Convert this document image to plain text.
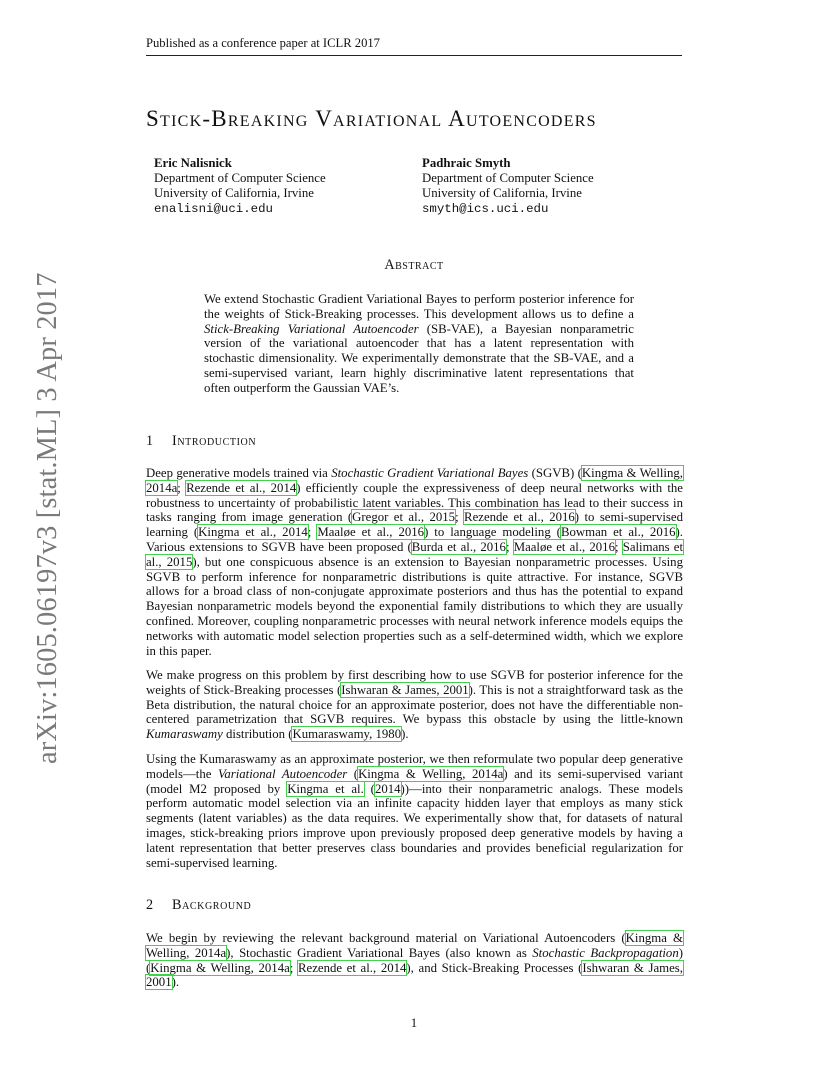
Published as a conference paper at ICLR 2017
arXiv:1605.06197v3 [stat.ML] 3 Apr 2017
Stick-Breaking Variational Autoencoders
Eric Nalisnick
Department of Computer Science
University of California, Irvine
enalisni@uci.edu
Padhraic Smyth
Department of Computer Science
University of California, Irvine
smyth@ics.uci.edu
Abstract
We extend Stochastic Gradient Variational Bayes to perform posterior inference for the weights of Stick-Breaking processes. This development allows us to define a Stick-Breaking Variational Autoencoder (SB-VAE), a Bayesian nonparametric version of the variational autoencoder that has a latent representation with stochastic dimensionality. We experimentally demonstrate that the SB-VAE, and a semi-supervised variant, learn highly discriminative latent representations that often outperform the Gaussian VAE’s.
1 Introduction

Deep generative models trained via Stochastic Gradient Variational Bayes (SGVB) (Kingma & Welling, 2014a; Rezende et al., 2014) efficiently couple the expressiveness of deep neural networks with the robustness to uncertainty of probabilistic latent variables. This combination has lead to their success in tasks ranging from image generation (Gregor et al., 2015; Rezende et al., 2016) to semi-supervised learning (Kingma et al., 2014; Maaløe et al., 2016) to language modeling (Bowman et al., 2016). Various extensions to SGVB have been proposed (Burda et al., 2016; Maaløe et al., 2016; Salimans et al., 2015), but one conspicuous absence is an extension to Bayesian nonparametric processes. Using SGVB to perform inference for nonparametric distributions is quite attractive. For instance, SGVB allows for a broad class of non-conjugate approximate posteriors and thus has the potential to expand Bayesian nonparametric models beyond the exponential family distributions to which they are usually confined. Moreover, coupling nonparametric processes with neural network inference models equips the networks with automatic model selection properties such as a self-determined width, which we explore in this paper.

We make progress on this problem by first describing how to use SGVB for posterior inference for the weights of Stick-Breaking processes (Ishwaran & James, 2001). This is not a straightforward task as the Beta distribution, the natural choice for an approximate posterior, does not have the differentiable non-centered parametrization that SGVB requires. We bypass this obstacle by using the little-known Kumaraswamy distribution (Kumaraswamy, 1980).

Using the Kumaraswamy as an approximate posterior, we then reformulate two popular deep generative models—the Variational Autoencoder (Kingma & Welling, 2014a) and its semi-supervised variant (model M2 proposed by Kingma et al. (2014))—into their nonparametric analogs. These models perform automatic model selection via an infinite capacity hidden layer that employs as many stick segments (latent variables) as the data requires. We experimentally show that, for datasets of natural images, stick-breaking priors improve upon previously proposed deep generative models by having a latent representation that better preserves class boundaries and provides beneficial regularization for semi-supervised learning.

2 Background

We begin by reviewing the relevant background material on Variational Autoencoders (Kingma & Welling, 2014a), Stochastic Gradient Variational Bayes (also known as Stochastic Backpropagation) (Kingma & Welling, 2014a; Rezende et al., 2014), and Stick-Breaking Processes (Ishwaran & James, 2001).

1
